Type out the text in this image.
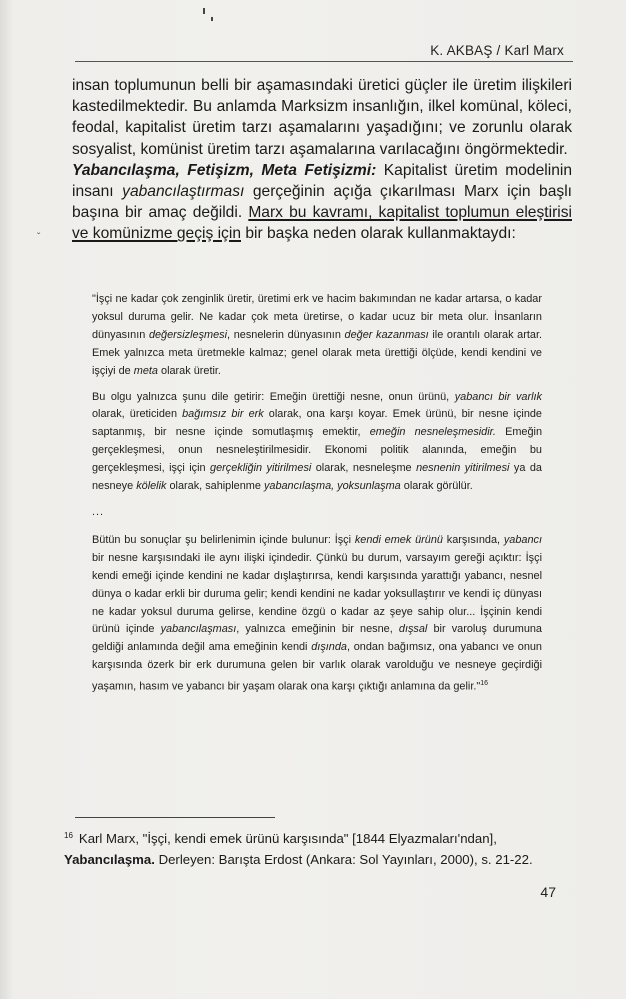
K. AKBAŞ / Karl Marx

insan toplumunun belli bir aşamasındaki üretici güçler ile üretim ilişkileri kastedilmektedir. Bu anlamda Marksizm insanlığın, ilkel komünal, köleci, feodal, kapitalist üretim tarzı aşamalarını yaşadığını; ve zorunlu olarak sosyalist, komünist üretim tarzı aşamalarına varılacağını öngörmektedir.

Yabancılaşma, Fetişizm, Meta Fetişizmi: Kapitalist üretim modelinin insanı yabancılaştırması gerçeğinin açığa çıkarılması Marx için başlı başına bir amaç değildi. Marx bu kavramı, kapitalist toplumun eleştirisi ve komünizme geçiş için bir başka neden olarak kullanmaktaydı:

ˇ

"İşçi ne kadar çok zenginlik üretir, üretimi erk ve hacim bakımından ne kadar artarsa, o kadar yoksul duruma gelir. Ne kadar çok meta üretirse, o kadar ucuz bir meta olur. İnsanların dünyasının değersizleşmesi, nesnelerin dünyasının değer kazanması ile orantılı olarak artar. Emek yalnızca meta üretmekle kalmaz; genel olarak meta ürettiği ölçüde, kendi kendini ve işçiyi de meta olarak üretir.

Bu olgu yalnızca şunu dile getirir: Emeğin ürettiği nesne, onun ürünü, yabancı bir varlık olarak, üreticiden bağımsız bir erk olarak, ona karşı koyar. Emek ürünü, bir nesne içinde saptanmış, bir nesne içinde somutlaşmış emektir, emeğin nesneleşmesidir. Emeğin gerçekleşmesi, onun nesneleştirilmesidir. Ekonomi politik alanında, emeğin bu gerçekleşmesi, işçi için gerçekliğin yitirilmesi olarak, nesneleşme nesnenin yitirilmesi ya da nesneye kölelik olarak, sahiplenme yabancılaşma, yoksunlaşma olarak görülür.

...

Bütün bu sonuçlar şu belirlenimin içinde bulunur: İşçi kendi emek ürünü karşısında, yabancı bir nesne karşısındaki ile aynı ilişki içindedir. Çünkü bu durum, varsayım gereği açıktır: İşçi kendi emeği içinde kendini ne kadar dışlaştırırsa, kendi karşısında yarattığı yabancı, nesnel dünya o kadar erkli bir duruma gelir; kendi kendini ne kadar yoksullaştırır ve kendi iç dünyası ne kadar yoksul duruma gelirse, kendine özgü o kadar az şeye sahip olur... İşçinin kendi ürünü içinde yabancılaşması, yalnızca emeğinin bir nesne, dışsal bir varoluş durumuna geldiği anlamında değil ama emeğinin kendi dışında, ondan bağımsız, ona yabancı ve onun karşısında özerk bir erk durumuna gelen bir varlık olarak varolduğu ve nesneye geçirdiği yaşamın, hasım ve yabancı bir yaşam olarak ona karşı çıktığı anlamına da gelir."$^{16}$

$^{16}$ Karl Marx, "İşçi, kendi emek ürünü karşısında" [1844 Elyazmaları'ndan], Yabancılaşma. Derleyen: Barışta Erdost (Ankara: Sol Yayınları, 2000), s. 21-22.

47
